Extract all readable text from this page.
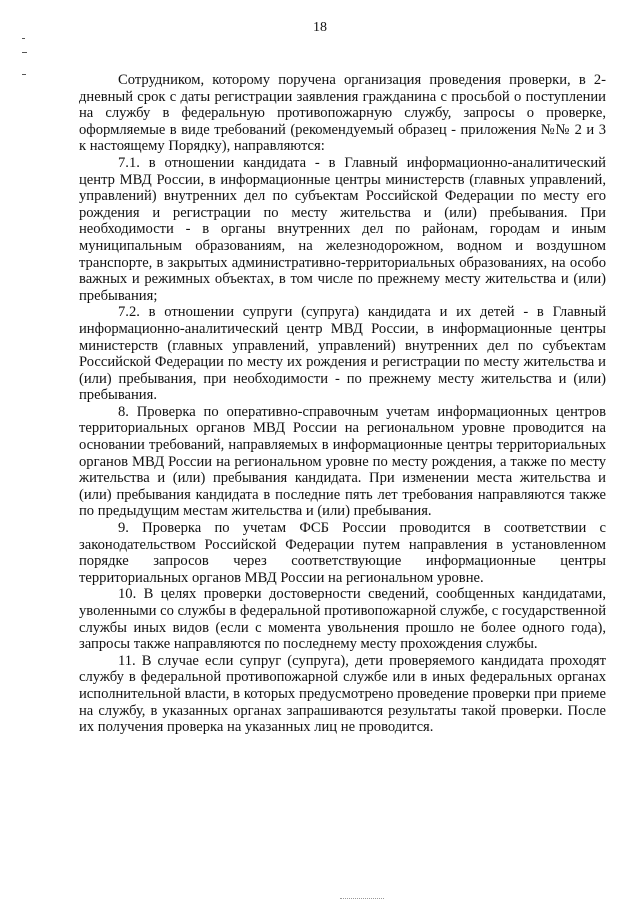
18

Сотрудником, которому поручена организация проведения проверки, в 2-дневный срок с даты регистрации заявления гражданина с просьбой о поступлении на службу в федеральную противопожарную службу, запросы о проверке, оформляемые в виде требований (рекомендуемый образец - приложения №№ 2 и 3 к настоящему Порядку), направляются:

7.1. в отношении кандидата - в Главный информационно-аналитический центр МВД России, в информационные центры министерств (главных управлений, управлений) внутренних дел по субъектам Российской Федерации по месту его рождения и регистрации по месту жительства и (или) пребывания. При необходимости - в органы внутренних дел по районам, городам и иным муниципальным образованиям, на железнодорожном, водном и воздушном транспорте, в закрытых административно-территориальных образованиях, на особо важных и режимных объектах, в том числе по прежнему месту жительства и (или) пребывания;

7.2. в отношении супруги (супруга) кандидата и их детей - в Главный информационно-аналитический центр МВД России, в информационные центры министерств (главных управлений, управлений) внутренних дел по субъектам Российской Федерации по месту их рождения и регистрации по месту жительства и (или) пребывания, при необходимости - по прежнему месту жительства и (или) пребывания.

8. Проверка по оперативно-справочным учетам информационных центров территориальных органов МВД России на региональном уровне проводится на основании требований, направляемых в информационные центры территориальных органов МВД России на региональном уровне по месту рождения, а также по месту жительства и (или) пребывания кандидата. При изменении места жительства и (или) пребывания кандидата в последние пять лет требования направляются также по предыдущим местам жительства и (или) пребывания.

9. Проверка по учетам ФСБ России проводится в соответствии с законодательством Российской Федерации путем направления в установленном порядке запросов через соответствующие информационные центры территориальных органов МВД России на региональном уровне.

10. В целях проверки достоверности сведений, сообщенных кандидатами, уволенными со службы в федеральной противопожарной службе, с государственной службы иных видов (если с момента увольнения прошло не более одного года), запросы также направляются по последнему месту прохождения службы.

11. В случае если супруг (супруга), дети проверяемого кандидата проходят службу в федеральной противопожарной службе или в иных федеральных органах исполнительной власти, в которых предусмотрено проведение проверки при приеме на службу, в указанных органах запрашиваются результаты такой проверки. После их получения проверка на указанных лиц не проводится.
